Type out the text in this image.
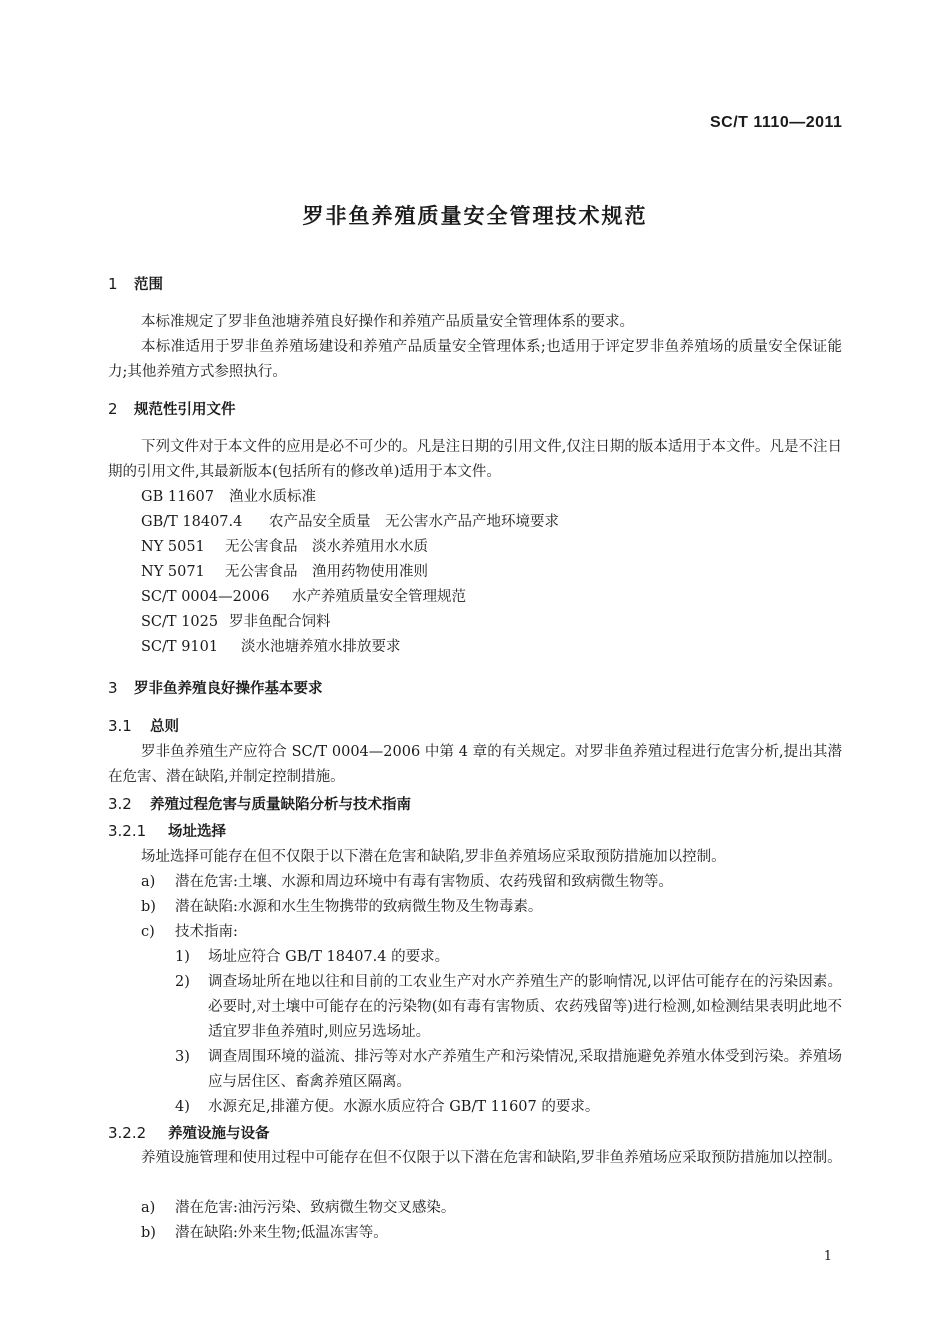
SC/T 1110—2011
罗非鱼养殖质量安全管理技术规范
1 范围
本标准规定了罗非鱼池塘养殖良好操作和养殖产品质量安全管理体系的要求。
本标准适用于罗非鱼养殖场建设和养殖产品质量安全管理体系;也适用于评定罗非鱼养殖场的质量安全保证能力;其他养殖方式参照执行。
2 规范性引用文件
下列文件对于本文件的应用是必不可少的。凡是注日期的引用文件,仅注日期的版本适用于本文件。凡是不注日期的引用文件,其最新版本(包括所有的修改单)适用于本文件。
GB 11607 渔业水质标准
GB/T 18407.4 农产品安全质量　无公害水产品产地环境要求
NY 5051 无公害食品　淡水养殖用水水质
NY 5071 无公害食品　渔用药物使用准则
SC/T 0004—2006 水产养殖质量安全管理规范
SC/T 1025 罗非鱼配合饲料
SC/T 9101 淡水池塘养殖水排放要求
3 罗非鱼养殖良好操作基本要求
3.1 总则
罗非鱼养殖生产应符合 SC/T 0004—2006 中第 4 章的有关规定。对罗非鱼养殖过程进行危害分析,提出其潜在危害、潜在缺陷,并制定控制措施。
3.2 养殖过程危害与质量缺陷分析与技术指南
3.2.1 场址选择
场址选择可能存在但不仅限于以下潜在危害和缺陷,罗非鱼养殖场应采取预防措施加以控制。
a) 潜在危害:土壤、水源和周边环境中有毒有害物质、农药残留和致病微生物等。
b) 潜在缺陷:水源和水生生物携带的致病微生物及生物毒素。
c) 技术指南:
1) 场址应符合 GB/T 18407.4 的要求。
2) 调查场址所在地以往和目前的工农业生产对水产养殖生产的影响情况,以评估可能存在的污染因素。必要时,对土壤中可能存在的污染物(如有毒有害物质、农药残留等)进行检测,如检测结果表明此地不适宜罗非鱼养殖时,则应另选场址。
3) 调查周围环境的溢流、排污等对水产养殖生产和污染情况,采取措施避免养殖水体受到污染。养殖场应与居住区、畜禽养殖区隔离。
4) 水源充足,排灌方便。水源水质应符合 GB/T 11607 的要求。
3.2.2 养殖设施与设备
养殖设施管理和使用过程中可能存在但不仅限于以下潜在危害和缺陷,罗非鱼养殖场应采取预防措施加以控制。
a) 潜在危害:油污污染、致病微生物交叉感染。
b) 潜在缺陷:外来生物;低温冻害等。
1
